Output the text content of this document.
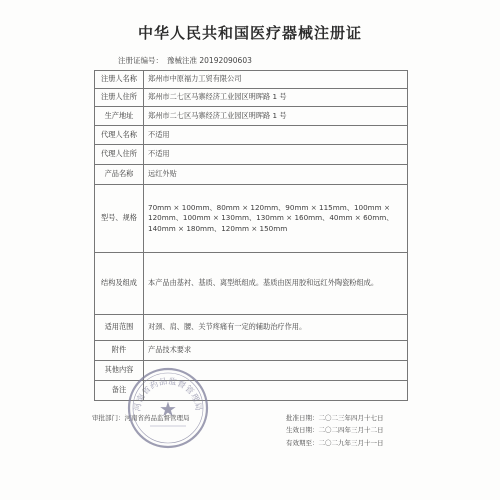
中华人民共和国医疗器械注册证
注册证编号： 豫械注准 20192090603
注册人名称	郑州市中原福力工贸有限公司
注册人住所	郑州市二七区马寨经济工业园区明晖路 1 号
生产地址	郑州市二七区马寨经济工业园区明晖路 1 号
代理人名称	不适用
代理人住所	不适用
产品名称	远红外贴
型号、规格	70mm × 100mm、80mm × 120mm、90mm × 115mm、100mm × 120mm、100mm × 130mm、130mm × 160mm、40mm × 60mm、140mm × 180mm、120mm × 150mm
结构及组成	本产品由基衬、基质、离型纸组成。基质由医用胶和远红外陶瓷粉组成。
适用范围	对颈、肩、腰、关节疼痛有一定的辅助治疗作用。
附件	产品技术要求
其他内容	
备注	
审批部门：河南省药品监督管理局	批准日期：二〇二三年四月十七日
生效日期：二〇二四年三月十二日
有效期至：二〇二九年三月十一日
★
河南省药品监督管理局
